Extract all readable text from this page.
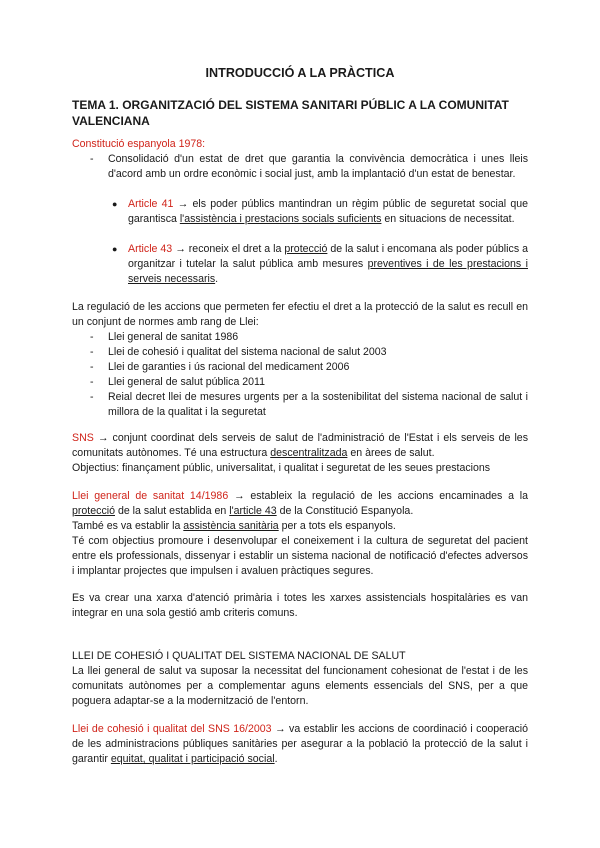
INTRODUCCIÓ A LA PRÀCTICA
TEMA 1. ORGANITZACIÓ DEL SISTEMA SANITARI PÚBLIC A LA COMUNITAT VALENCIANA
Constitució espanyola 1978:
- Consolidació d'un estat de dret que garantia la convivència democràtica i unes lleis d'acord amb un ordre econòmic i social just, amb la implantació d'un estat de benestar.
● Article 41 → els poder públics mantindran un règim públic de seguretat social que garantisca l'assistència i prestacions socials suficients en situacions de necessitat.
● Article 43 → reconeix el dret a la protecció de la salut i encomana als poder públics a organitzar i tutelar la salut pública amb mesures preventives i de les prestacions i serveis necessaris.
La regulació de les accions que permeten fer efectiu el dret a la protecció de la salut es recull en un conjunt de normes amb rang de Llei:
- Llei general de sanitat 1986
- Llei de cohesió i qualitat del sistema nacional de salut 2003
- Llei de garanties i ús racional del medicament 2006
- Llei general de salut pública 2011
- Reial decret llei de mesures urgents per a la sostenibilitat del sistema nacional de salut i millora de la qualitat i la seguretat
SNS → conjunt coordinat dels serveis de salut de l'administració de l'Estat i els serveis de les comunitats autònomes. Té una estructura descentralitzada en àrees de salut.
Objectius: finançament públic, universalitat, i qualitat i seguretat de les seues prestacions
Llei general de sanitat 14/1986 → estableix la regulació de les accions encaminades a la protecció de la salut establida en l'article 43 de la Constitució Espanyola.
També es va establir la assistència sanitària per a tots els espanyols.
Té com objectius promoure i desenvolupar el coneixement i la cultura de seguretat del pacient entre els professionals, dissenyar i establir un sistema nacional de notificació d'efectes adversos i implantar projectes que impulsen i avaluen pràctiques segures.
Es va crear una xarxa d'atenció primària i totes les xarxes assistencials hospitalàries es van integrar en una sola gestió amb criteris comuns.
LLEI DE COHESIÓ I QUALITAT DEL SISTEMA NACIONAL DE SALUT
La llei general de salut va suposar la necessitat del funcionament cohesionat de l'estat i de les comunitats autònomes per a complementar aguns elements essencials del SNS, per a que poguera adaptar-se a la modernització de l'entorn.
Llei de cohesió i qualitat del SNS 16/2003 → va establir les accions de coordinació i cooperació de les administracions públiques sanitàries per asegurar a la població la protecció de la salut i garantir equitat, qualitat i participació social.
